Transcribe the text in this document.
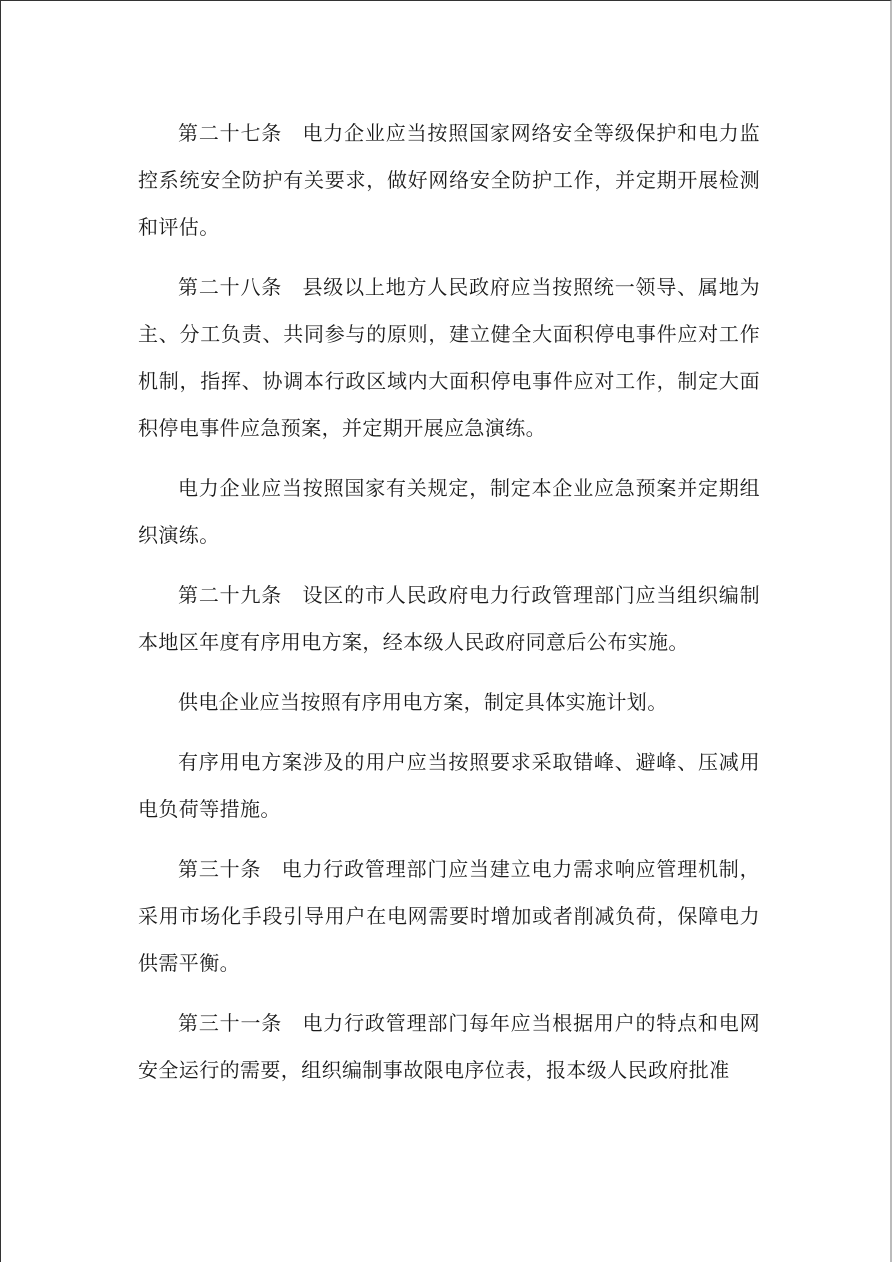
第二十七条 电力企业应当按照国家网络安全等级保护和电力监控系统安全防护有关要求，做好网络安全防护工作，并定期开展检测和评估。

第二十八条 县级以上地方人民政府应当按照统一领导、属地为主、分工负责、共同参与的原则，建立健全大面积停电事件应对工作机制，指挥、协调本行政区域内大面积停电事件应对工作，制定大面积停电事件应急预案，并定期开展应急演练。

电力企业应当按照国家有关规定，制定本企业应急预案并定期组织演练。

第二十九条 设区的市人民政府电力行政管理部门应当组织编制本地区年度有序用电方案，经本级人民政府同意后公布实施。

供电企业应当按照有序用电方案，制定具体实施计划。

有序用电方案涉及的用户应当按照要求采取错峰、避峰、压减用电负荷等措施。

第三十条 电力行政管理部门应当建立电力需求响应管理机制，采用市场化手段引导用户在电网需要时增加或者削减负荷，保障电力供需平衡。

第三十一条 电力行政管理部门每年应当根据用户的特点和电网安全运行的需要，组织编制事故限电序位表，报本级人民政府批准
